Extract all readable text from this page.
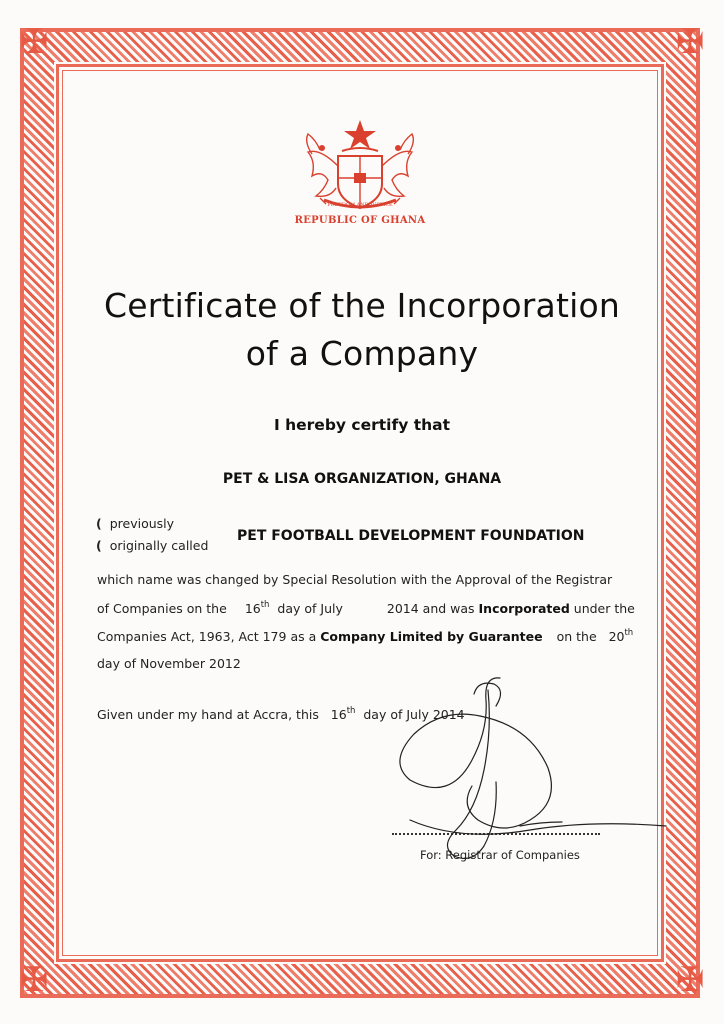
✠	✠
✠	✠
FREEDOM AND JUSTICE
REPUBLIC OF GHANA
Certificate of the Incorporation
of a Company
I hereby certify that
PET & LISA ORGANIZATION, GHANA
( previously
( originally called
PET FOOTBALL DEVELOPMENT FOUNDATION
which name was changed by Special Resolution with the Approval of the Registrar
of Companies on the 16th day of July	2014 and was Incorporated under the
Companies Act, 1963, Act 179 as a Company Limited by Guarantee on the 20th
day of November 2012
Given under my hand at Accra, this 16th day of July 2014
For: Registrar of Companies
